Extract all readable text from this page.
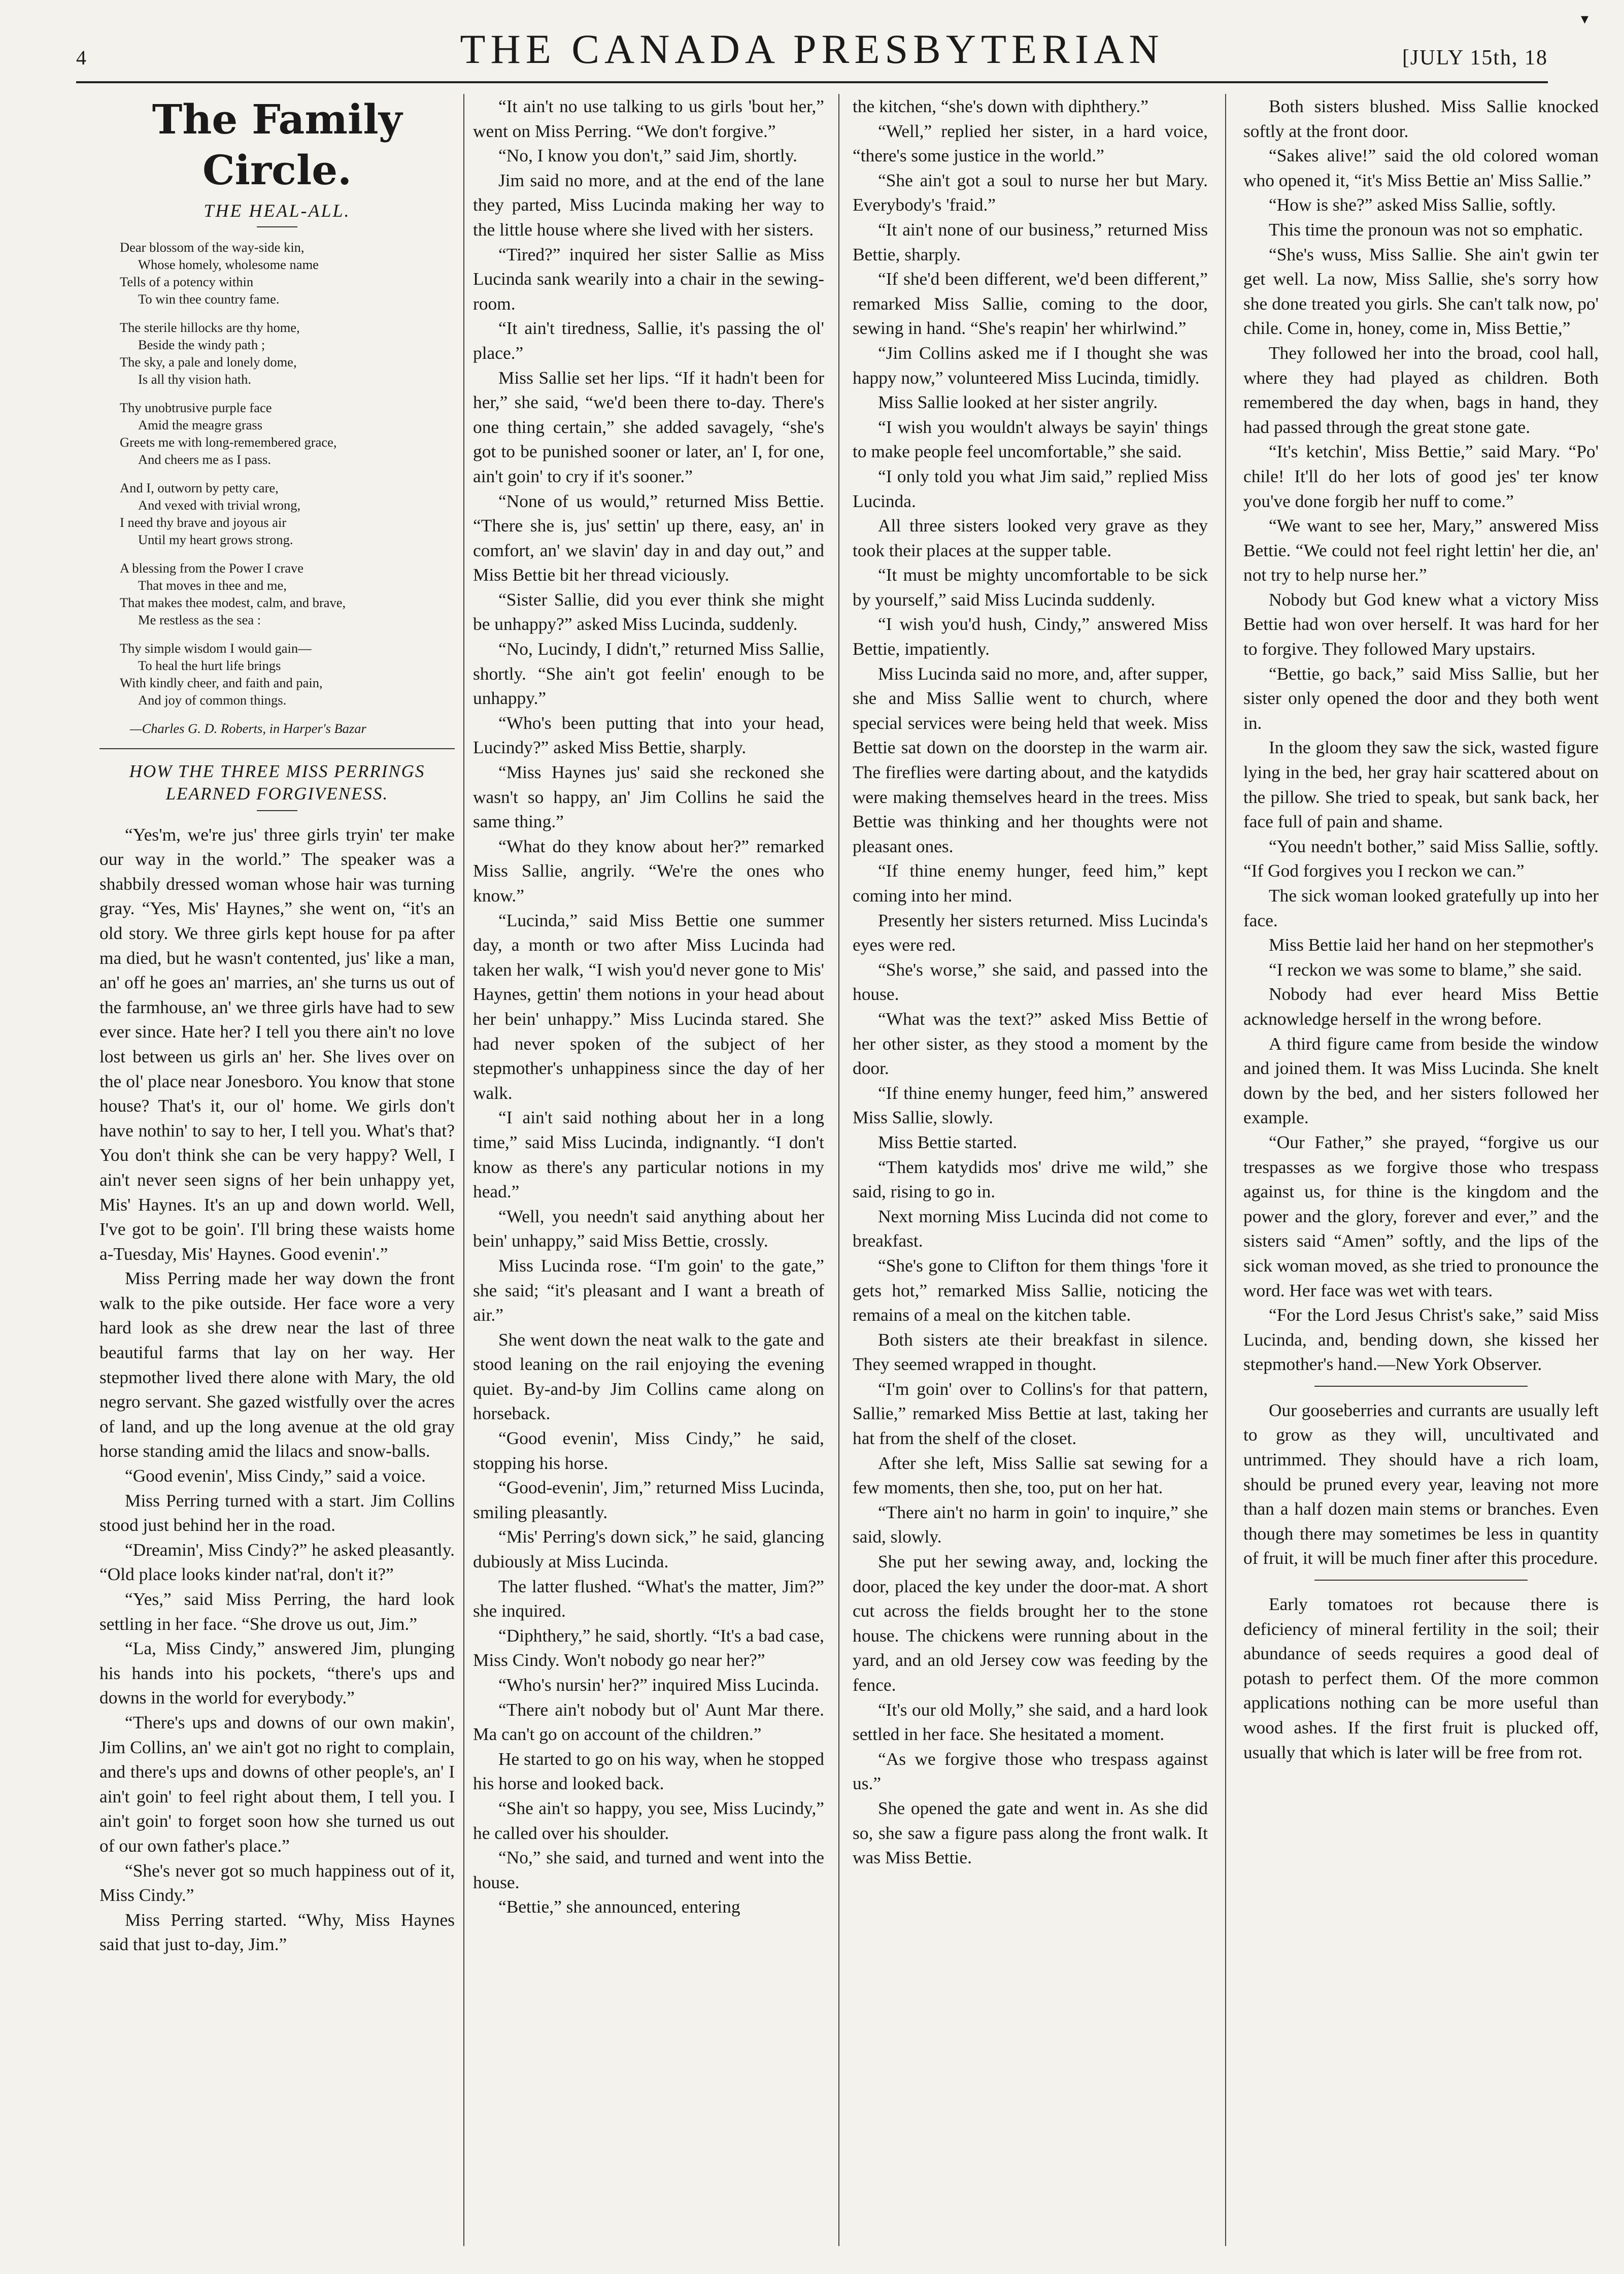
4	THE CANADA PRESBYTERIAN	[JULY 15th, 18
▾
The Family Circle.
THE HEAL-ALL.
Dear blossom of the way-side kin,
Whose homely, wholesome name
Tells of a potency within
To win thee country fame.
The sterile hillocks are thy home,
Beside the windy path ;
The sky, a pale and lonely dome,
Is all thy vision hath.
Thy unobtrusive purple face
Amid the meagre grass
Greets me with long-remembered grace,
And cheers me as I pass.
And I, outworn by petty care,
And vexed with trivial wrong,
I need thy brave and joyous air
Until my heart grows strong.
A blessing from the Power I crave
That moves in thee and me,
That makes thee modest, calm, and brave,
Me restless as the sea :
Thy simple wisdom I would gain—
To heal the hurt life brings
With kindly cheer, and faith and pain,
And joy of common things.
—Charles G. D. Roberts, in Harper's Bazar
HOW THE THREE MISS PERRINGS
LEARNED FORGIVENESS.

“Yes'm, we're jus' three girls tryin' ter make our way in the world.” The speaker was a shabbily dressed woman whose hair was turning gray. “Yes, Mis' Haynes,” she went on, “it's an old story. We three girls kept house for pa after ma died, but he wasn't contented, jus' like a man, an' off he goes an' marries, an' she turns us out of the farmhouse, an' we three girls have had to sew ever since. Hate her? I tell you there ain't no love lost between us girls an' her. She lives over on the ol' place near Jonesboro. You know that stone house? That's it, our ol' home. We girls don't have nothin' to say to her, I tell you. What's that? You don't think she can be very happy? Well, I ain't never seen signs of her bein unhappy yet, Mis' Haynes. It's an up and down world. Well, I've got to be goin'. I'll bring these waists home a-Tuesday, Mis' Haynes. Good evenin'.”

Miss Perring made her way down the front walk to the pike outside. Her face wore a very hard look as she drew near the last of three beautiful farms that lay on her way. Her stepmother lived there alone with Mary, the old negro servant. She gazed wistfully over the acres of land, and up the long avenue at the old gray horse standing amid the lilacs and snow-balls.

“Good evenin', Miss Cindy,” said a voice.

Miss Perring turned with a start. Jim Collins stood just behind her in the road.

“Dreamin', Miss Cindy?” he asked pleasantly. “Old place looks kinder nat'ral, don't it?”

“Yes,” said Miss Perring, the hard look settling in her face. “She drove us out, Jim.”

“La, Miss Cindy,” answered Jim, plunging his hands into his pockets, “there's ups and downs in the world for everybody.”

“There's ups and downs of our own makin', Jim Collins, an' we ain't got no right to complain, and there's ups and downs of other people's, an' I ain't goin' to feel right about them, I tell you. I ain't goin' to forget soon how she turned us out of our own father's place.”

“She's never got so much happiness out of it, Miss Cindy.”

Miss Perring started. “Why, Miss Haynes said that just to-day, Jim.”

“It ain't no use talking to us girls 'bout her,” went on Miss Perring. “We don't forgive.”

“No, I know you don't,” said Jim, shortly.

Jim said no more, and at the end of the lane they parted, Miss Lucinda making her way to the little house where she lived with her sisters.

“Tired?” inquired her sister Sallie as Miss Lucinda sank wearily into a chair in the sewing-room.

“It ain't tiredness, Sallie, it's passing the ol' place.”

Miss Sallie set her lips. “If it hadn't been for her,” she said, “we'd been there to-day. There's one thing certain,” she added savagely, “she's got to be punished sooner or later, an' I, for one, ain't goin' to cry if it's sooner.”

“None of us would,” returned Miss Bettie. “There she is, jus' settin' up there, easy, an' in comfort, an' we slavin' day in and day out,” and Miss Bettie bit her thread viciously.

“Sister Sallie, did you ever think she might be unhappy?” asked Miss Lucinda, suddenly.

“No, Lucindy, I didn't,” returned Miss Sallie, shortly. “She ain't got feelin' enough to be unhappy.”

“Who's been putting that into your head, Lucindy?” asked Miss Bettie, sharply.

“Miss Haynes jus' said she reckoned she wasn't so happy, an' Jim Collins he said the same thing.”

“What do they know about her?” remarked Miss Sallie, angrily. “We're the ones who know.”

“Lucinda,” said Miss Bettie one summer day, a month or two after Miss Lucinda had taken her walk, “I wish you'd never gone to Mis' Haynes, gettin' them notions in your head about her bein' unhappy.” Miss Lucinda stared. She had never spoken of the subject of her stepmother's unhappiness since the day of her walk.

“I ain't said nothing about her in a long time,” said Miss Lucinda, indignantly. “I don't know as there's any particular notions in my head.”

“Well, you needn't said anything about her bein' unhappy,” said Miss Bettie, crossly.

Miss Lucinda rose. “I'm goin' to the gate,” she said; “it's pleasant and I want a breath of air.”

She went down the neat walk to the gate and stood leaning on the rail enjoying the evening quiet. By-and-by Jim Collins came along on horseback.

“Good evenin', Miss Cindy,” he said, stopping his horse.

“Good-evenin', Jim,” returned Miss Lucinda, smiling pleasantly.

“Mis' Perring's down sick,” he said, glancing dubiously at Miss Lucinda.

The latter flushed. “What's the matter, Jim?” she inquired.

“Diphthery,” he said, shortly. “It's a bad case, Miss Cindy. Won't nobody go near her?”

“Who's nursin' her?” inquired Miss Lucinda.

“There ain't nobody but ol' Aunt Mar there. Ma can't go on account of the children.”

He started to go on his way, when he stopped his horse and looked back.

“She ain't so happy, you see, Miss Lucindy,” he called over his shoulder.

“No,” she said, and turned and went into the house.

“Bettie,” she announced, entering

the kitchen, “she's down with diphthery.”

“Well,” replied her sister, in a hard voice, “there's some justice in the world.”

“She ain't got a soul to nurse her but Mary. Everybody's 'fraid.”

“It ain't none of our business,” returned Miss Bettie, sharply.

“If she'd been different, we'd been different,” remarked Miss Sallie, coming to the door, sewing in hand. “She's reapin' her whirlwind.”

“Jim Collins asked me if I thought she was happy now,” volunteered Miss Lucinda, timidly.

Miss Sallie looked at her sister angrily.

“I wish you wouldn't always be sayin' things to make people feel uncomfortable,” she said.

“I only told you what Jim said,” replied Miss Lucinda.

All three sisters looked very grave as they took their places at the supper table.

“It must be mighty uncomfortable to be sick by yourself,” said Miss Lucinda suddenly.

“I wish you'd hush, Cindy,” answered Miss Bettie, impatiently.

Miss Lucinda said no more, and, after supper, she and Miss Sallie went to church, where special services were being held that week. Miss Bettie sat down on the doorstep in the warm air. The fireflies were darting about, and the katydids were making themselves heard in the trees. Miss Bettie was thinking and her thoughts were not pleasant ones.

“If thine enemy hunger, feed him,” kept coming into her mind.

Presently her sisters returned. Miss Lucinda's eyes were red.

“She's worse,” she said, and passed into the house.

“What was the text?” asked Miss Bettie of her other sister, as they stood a moment by the door.

“If thine enemy hunger, feed him,” answered Miss Sallie, slowly.

Miss Bettie started.

“Them katydids mos' drive me wild,” she said, rising to go in.

Next morning Miss Lucinda did not come to breakfast.

“She's gone to Clifton for them things 'fore it gets hot,” remarked Miss Sallie, noticing the remains of a meal on the kitchen table.

Both sisters ate their breakfast in silence. They seemed wrapped in thought.

“I'm goin' over to Collins's for that pattern, Sallie,” remarked Miss Bettie at last, taking her hat from the shelf of the closet.

After she left, Miss Sallie sat sewing for a few moments, then she, too, put on her hat.

“There ain't no harm in goin' to inquire,” she said, slowly.

She put her sewing away, and, locking the door, placed the key under the door-mat. A short cut across the fields brought her to the stone house. The chickens were running about in the yard, and an old Jersey cow was feeding by the fence.

“It's our old Molly,” she said, and a hard look settled in her face. She hesitated a moment.

“As we forgive those who trespass against us.”

She opened the gate and went in. As she did so, she saw a figure pass along the front walk. It was Miss Bettie.

Both sisters blushed. Miss Sallie knocked softly at the front door.

“Sakes alive!” said the old colored woman who opened it, “it's Miss Bettie an' Miss Sallie.”

“How is she?” asked Miss Sallie, softly.

This time the pronoun was not so emphatic.

“She's wuss, Miss Sallie. She ain't gwin ter get well. La now, Miss Sallie, she's sorry how she done treated you girls. She can't talk now, po' chile. Come in, honey, come in, Miss Bettie,”

They followed her into the broad, cool hall, where they had played as children. Both remembered the day when, bags in hand, they had passed through the great stone gate.

“It's ketchin', Miss Bettie,” said Mary. “Po' chile! It'll do her lots of good jes' ter know you've done forgib her nuff to come.”

“We want to see her, Mary,” answered Miss Bettie. “We could not feel right lettin' her die, an' not try to help nurse her.”

Nobody but God knew what a victory Miss Bettie had won over herself. It was hard for her to forgive. They followed Mary upstairs.

“Bettie, go back,” said Miss Sallie, but her sister only opened the door and they both went in.

In the gloom they saw the sick, wasted figure lying in the bed, her gray hair scattered about on the pillow. She tried to speak, but sank back, her face full of pain and shame.

“You needn't bother,” said Miss Sallie, softly. “If God forgives you I reckon we can.”

The sick woman looked gratefully up into her face.

Miss Bettie laid her hand on her stepmother's

“I reckon we was some to blame,” she said.

Nobody had ever heard Miss Bettie acknowledge herself in the wrong before.

A third figure came from beside the window and joined them. It was Miss Lucinda. She knelt down by the bed, and her sisters followed her example.

“Our Father,” she prayed, “forgive us our trespasses as we forgive those who trespass against us, for thine is the kingdom and the power and the glory, forever and ever,” and the sisters said “Amen” softly, and the lips of the sick woman moved, as she tried to pronounce the word. Her face was wet with tears.

“For the Lord Jesus Christ's sake,” said Miss Lucinda, and, bending down, she kissed her stepmother's hand.—New York Observer.

Our gooseberries and currants are usually left to grow as they will, uncultivated and untrimmed. They should have a rich loam, should be pruned every year, leaving not more than a half dozen main stems or branches. Even though there may sometimes be less in quantity of fruit, it will be much finer after this procedure.

Early tomatoes rot because there is deficiency of mineral fertility in the soil; their abundance of seeds requires a good deal of potash to perfect them. Of the more common applications nothing can be more useful than wood ashes. If the first fruit is plucked off, usually that which is later will be free from rot.
